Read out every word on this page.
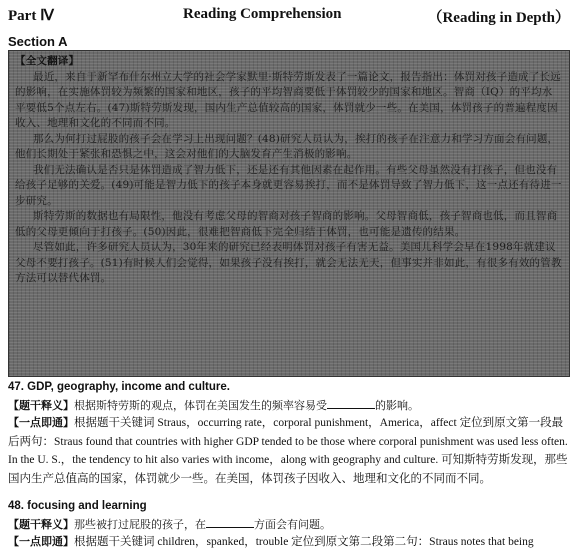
Part Ⅳ	Reading Comprehension	（Reading in Depth）
Section A

【全文翻译】

最近，来自于新罕布什尔州立大学的社会学家默里·斯特劳斯发表了一篇论文，报告指出：体罚对孩子造成了长远的影响，在实施体罚较为频繁的国家和地区，孩子的平均智商要低于体罚较少的国家和地区。智商（IQ）的平均水平要低5个点左右。(47)斯特劳斯发现，国内生产总值较高的国家，体罚就少一些。在美国，体罚孩子的普遍程度因收入、地理和文化的不同而不同。

那么为何打过屁股的孩子会在学习上出现问题？(48)研究人员认为，挨打的孩子在注意力和学习方面会有问题，他们长期处于紧张和恐惧之中，这会对他们的大脑发育产生消极的影响。

我们无法确认是否只是体罚造成了智力低下，还是还有其他因素在起作用。有些父母虽然没有打孩子，但也没有给孩子足够的关爱。(49)可能是智力低下的孩子本身就更容易挨打，而不是体罚导致了智力低下，这一点还有待进一步研究。

斯特劳斯的数据也有局限性，他没有考虑父母的智商对孩子智商的影响。父母智商低，孩子智商也低，而且智商低的父母更倾向于打孩子。(50)因此，很难把智商低下完全归结于体罚，也可能是遗传的结果。

尽管如此，许多研究人员认为，30年来的研究已经表明体罚对孩子有害无益。美国儿科学会早在1998年就建议父母不要打孩子。(51)有时候人们会觉得，如果孩子没有挨打，就会无法无天，但事实并非如此，有很多有效的管教方法可以替代体罚。

47. GDP, geography, income and culture.
【题干释义】根据斯特劳斯的观点，体罚在美国发生的频率容易受	的影响。
【一点即通】根据题干关键词 Straus，occurring rate，corporal punishment，America，affect 定位到原文第一段最后两句：Straus found that countries with higher GDP tended to be those where corporal punishment was used less often. In the U. S.，the tendency to hit also varies with income，along with geography and culture. 可知斯特劳斯发现，那些国内生产总值高的国家，体罚就少一些。在美国，体罚孩子因收入、地理和文化的不同而不同。
48. focusing and learning
【题干释义】那些被打过屁股的孩子，在	方面会有问题。
【一点即通】根据题干关键词 children，spanked，trouble 定位到原文第二段第二句：Straus notes that being
